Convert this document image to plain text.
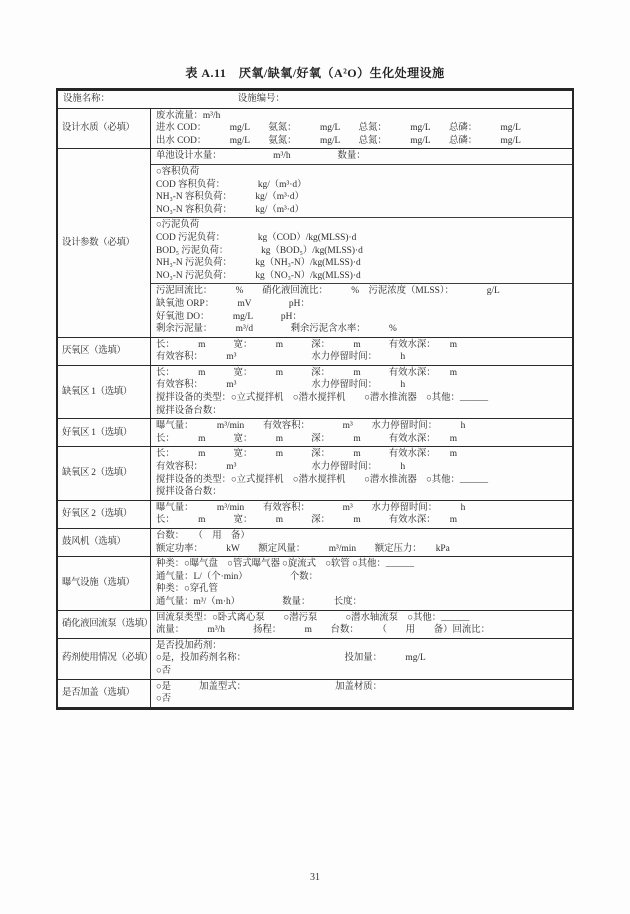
表 A.11　厌氧/缺氧/好氧（A²O）生化处理设施
设施名称：	设施编号：
设计水质（必填）
废水流量：m³/h
进水 COD：　　　mg/L　　氨氮：　　　mg/L　　总氮：　　　mg/L　　总磷：　　　mg/L
出水 COD：　　　mg/L　　氨氮：　　　mg/L　　总氮：　　　mg/L　　总磷：　　　mg/L
设计参数（必填）
单池设计水量：　　　　　　m³/h　　　　　数量：
○容积负荷
COD 容积负荷：　　　　kg/（m³·d）
NH₃-N 容积负荷：　　　kg/（m³·d）
NO₃-N 容积负荷：　　　kg/（m³·d）
○污泥负荷
COD 污泥负荷：　　　　kg（COD）/kg(MLSS)·d
BOD₅ 污泥负荷：　　　　kg（BOD₅）/kg(MLSS)·d
NH₃-N 污泥负荷：　　　kg（NH₃-N）/kg(MLSS)·d
NO₃-N 污泥负荷：　　　kg（NO₃-N）/kg(MLSS)·d
污泥回流比：　　　%　　硝化液回流比：　　　%　污泥浓度（MLSS）：　　　　g/L
缺氧池 ORP：　　　mV　　　　pH：
好氧池 DO：　　　mg/L　　　pH：
剩余污泥量：　　　m³/d　　　　剩余污泥含水率：　　　%
厌氧区（选填）
长：　　　m　　　宽：　　　m　　　深：　　　m　　　有效水深：　　m
有效容积：　　　m³　　　　　　　　水力停留时间：　　　h
缺氧区 1（选填）
长：　　　m　　　宽：　　　m　　　深：　　　m　　　有效水深：　　m
有效容积：　　　m³　　　　　　　　水力停留时间：　　　h
搅拌设备的类型：○立式搅拌机　○潜水搅拌机　　○潜水推流器　○其他：______
搅拌设备台数：
好氧区 1（选填）
曝气量：　　　m³/min　　有效容积：　　　　m³　　水力停留时间：　　　h
长：　　　m　　　宽：　　　m　　　深：　　　m　　　有效水深：　　m
缺氧区 2（选填）
长：　　　m　　　宽：　　　m　　　深：　　　m　　　有效水深：　　m
有效容积：　　　m³　　　　　　　　水力停留时间：　　　h
搅拌设备的类型：○立式搅拌机　○潜水搅拌机　　○潜水推流器　○其他：______
搅拌设备台数：
好氧区 2（选填）
曝气量：　　　m³/min　　有效容积：　　　　m³　　水力停留时间：　　　h
长：　　　m　　　宽：　　　m　　　深：　　　m　　　有效水深：　　m
鼓风机（选填）
台数：　　（　用　备）
额定功率：　　　kW　　额定风量：　　　m³/min　　额定压力：　　kPa
曝气设施（选填）
种类：○曝气盘　○管式曝气器 ○旋流式　○软管 ○其他：______
通气量：L/（个·min）　　　　　个数：
种类：○穿孔管
通气量：m³/（m·h）　　　　　数量：　　　长度：
硝化液回流泵（选填）
回流泵类型：○卧式离心泵　　○潜污泵　　　○潜水轴流泵　○其他：______
流量：　　　m³/h　　　扬程：　　　m　　台数：　　　（　　用　　备）回流比：
药剂使用情况（必填）
是否投加药剂：
○是，投加药剂名称：　　　　　　　　　　　投加量：　　　mg/L
○否
是否加盖（选填）
○是　　　加盖型式：　　　　　　　　　　加盖材质：
○否
31
